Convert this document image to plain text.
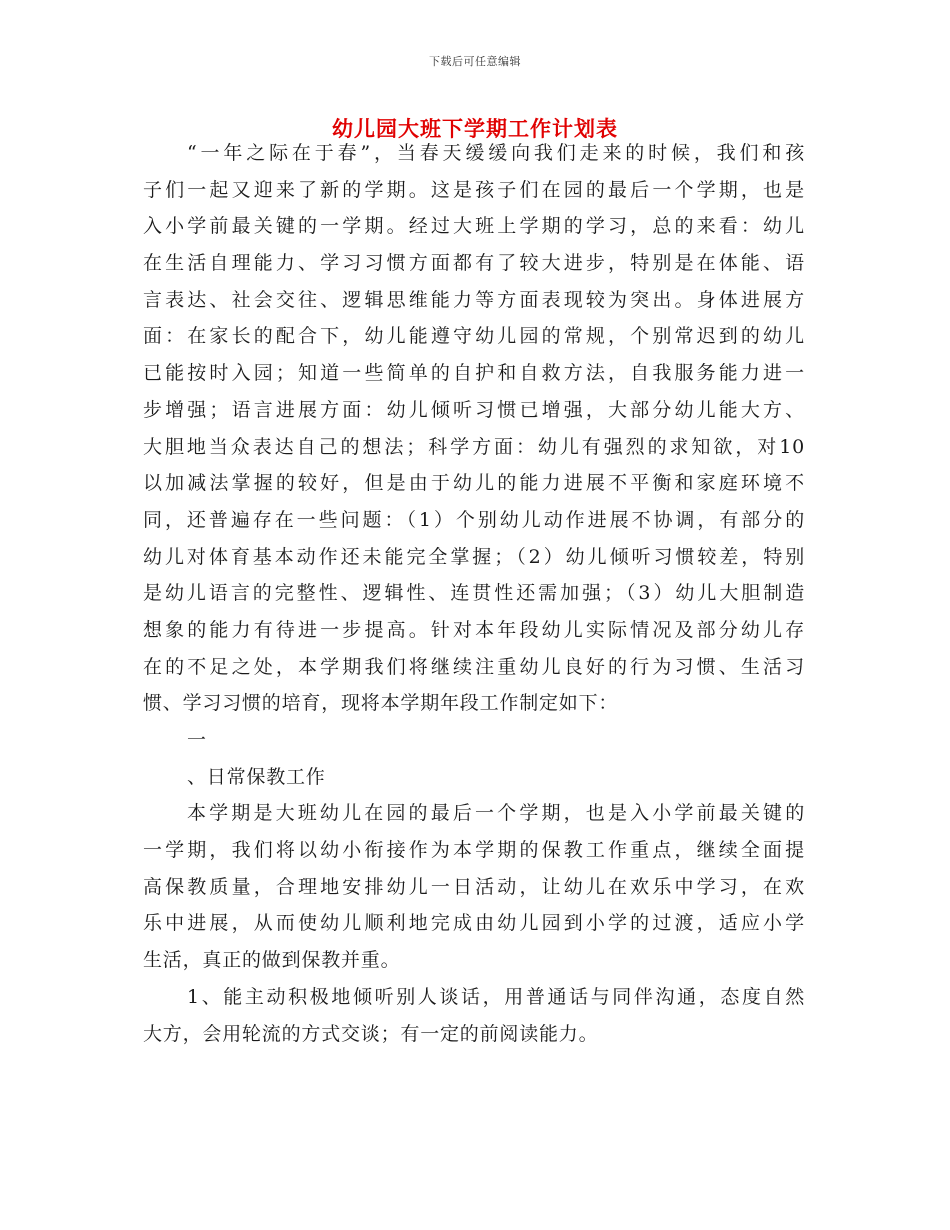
下载后可任意编辑
幼儿园大班下学期工作计划表
“一年之际在于春”，当春天缓缓向我们走来的时候，我们和孩
子们一起又迎来了新的学期。这是孩子们在园的最后一个学期，也是
入小学前最关键的一学期。经过大班上学期的学习，总的来看：幼儿
在生活自理能力、学习习惯方面都有了较大进步，特别是在体能、语
言表达、社会交往、逻辑思维能力等方面表现较为突出。身体进展方
面：在家长的配合下，幼儿能遵守幼儿园的常规，个别常迟到的幼儿
已能按时入园；知道一些简单的自护和自救方法，自我服务能力进一
步增强；语言进展方面：幼儿倾听习惯已增强，大部分幼儿能大方、
大胆地当众表达自己的想法；科学方面：幼儿有强烈的求知欲，对10
以加减法掌握的较好，但是由于幼儿的能力进展不平衡和家庭环境不
同，还普遍存在一些问题：（1）个别幼儿动作进展不协调，有部分的
幼儿对体育基本动作还未能完全掌握；（2）幼儿倾听习惯较差，特别
是幼儿语言的完整性、逻辑性、连贯性还需加强；（3）幼儿大胆制造
想象的能力有待进一步提高。针对本年段幼儿实际情况及部分幼儿存
在的不足之处，本学期我们将继续注重幼儿良好的行为习惯、生活习
惯、学习习惯的培育，现将本学期年段工作制定如下：
一
、日常保教工作
本学期是大班幼儿在园的最后一个学期，也是入小学前最关键的
一学期，我们将以幼小衔接作为本学期的保教工作重点，继续全面提
高保教质量，合理地安排幼儿一日活动，让幼儿在欢乐中学习，在欢
乐中进展，从而使幼儿顺利地完成由幼儿园到小学的过渡，适应小学
生活，真正的做到保教并重。
1、能主动积极地倾听别人谈话，用普通话与同伴沟通，态度自然
大方，会用轮流的方式交谈；有一定的前阅读能力。
